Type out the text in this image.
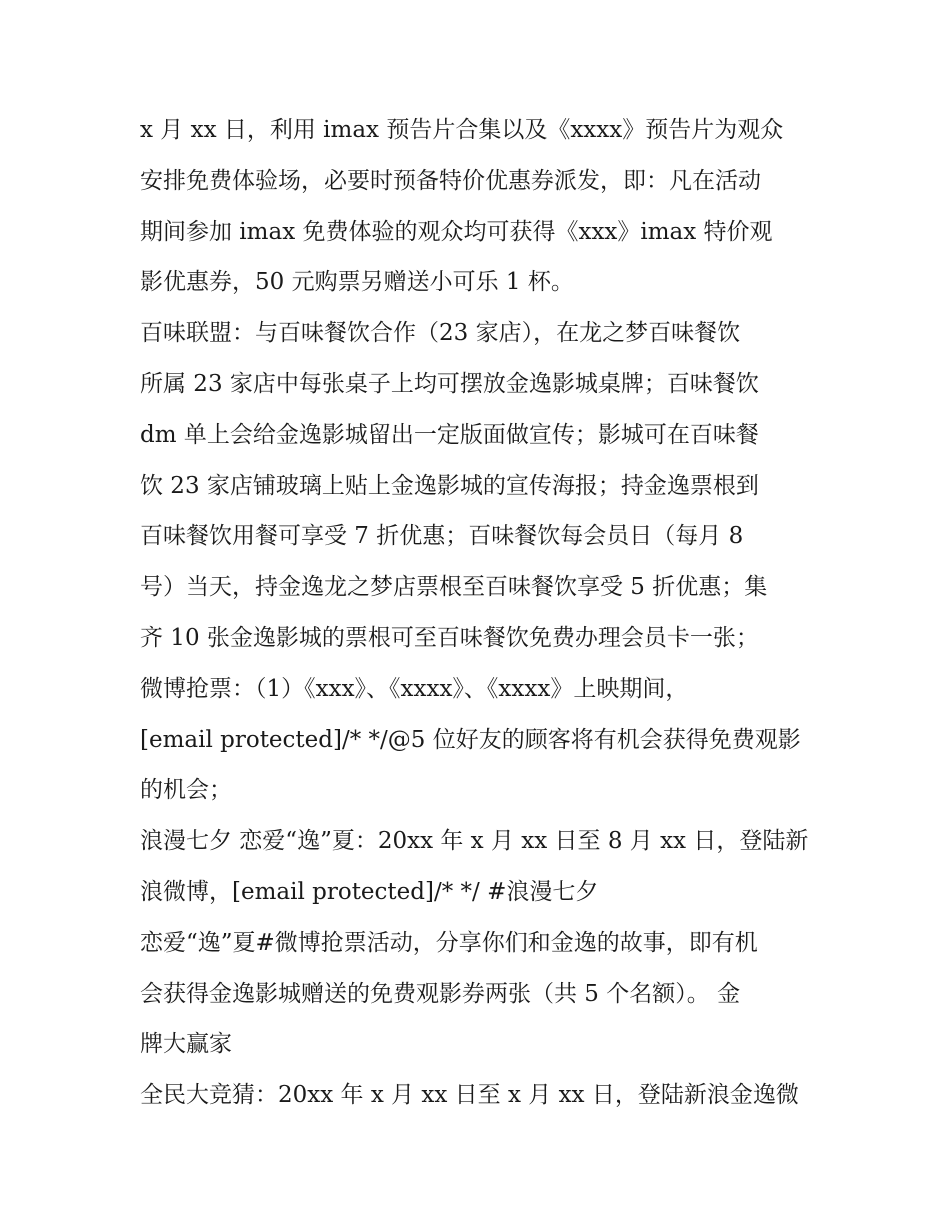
x 月 xx 日，利用 imax 预告片合集以及《xxxx》预告片为观众
安排免费体验场，必要时预备特价优惠券派发，即：凡在活动
期间参加 imax 免费体验的观众均可获得《xxx》imax 特价观
影优惠券，50 元购票另赠送小可乐 1 杯。
百味联盟：与百味餐饮合作（23 家店），在龙之梦百味餐饮
所属 23 家店中每张桌子上均可摆放金逸影城桌牌；百味餐饮
dm 单上会给金逸影城留出一定版面做宣传；影城可在百味餐
饮 23 家店铺玻璃上贴上金逸影城的宣传海报；持金逸票根到
百味餐饮用餐可享受 7 折优惠；百味餐饮每会员日（每月 8
号）当天，持金逸龙之梦店票根至百味餐饮享受 5 折优惠；集
齐 10 张金逸影城的票根可至百味餐饮免费办理会员卡一张；
微博抢票：（1）《xxx》、《xxxx》、《xxxx》上映期间，
[email protected]/* */@5 位好友的顾客将有机会获得免费观影
的机会；
浪漫七夕 恋爱“逸”夏：20xx 年 x 月 xx 日至 8 月 xx 日，登陆新
浪微博，[email protected]/* */ #浪漫七夕
恋爱“逸”夏#微博抢票活动，分享你们和金逸的故事，即有机
会获得金逸影城赠送的免费观影券两张（共 5 个名额）。 金
牌大赢家
全民大竞猜：20xx 年 x 月 xx 日至 x 月 xx 日，登陆新浪金逸微
